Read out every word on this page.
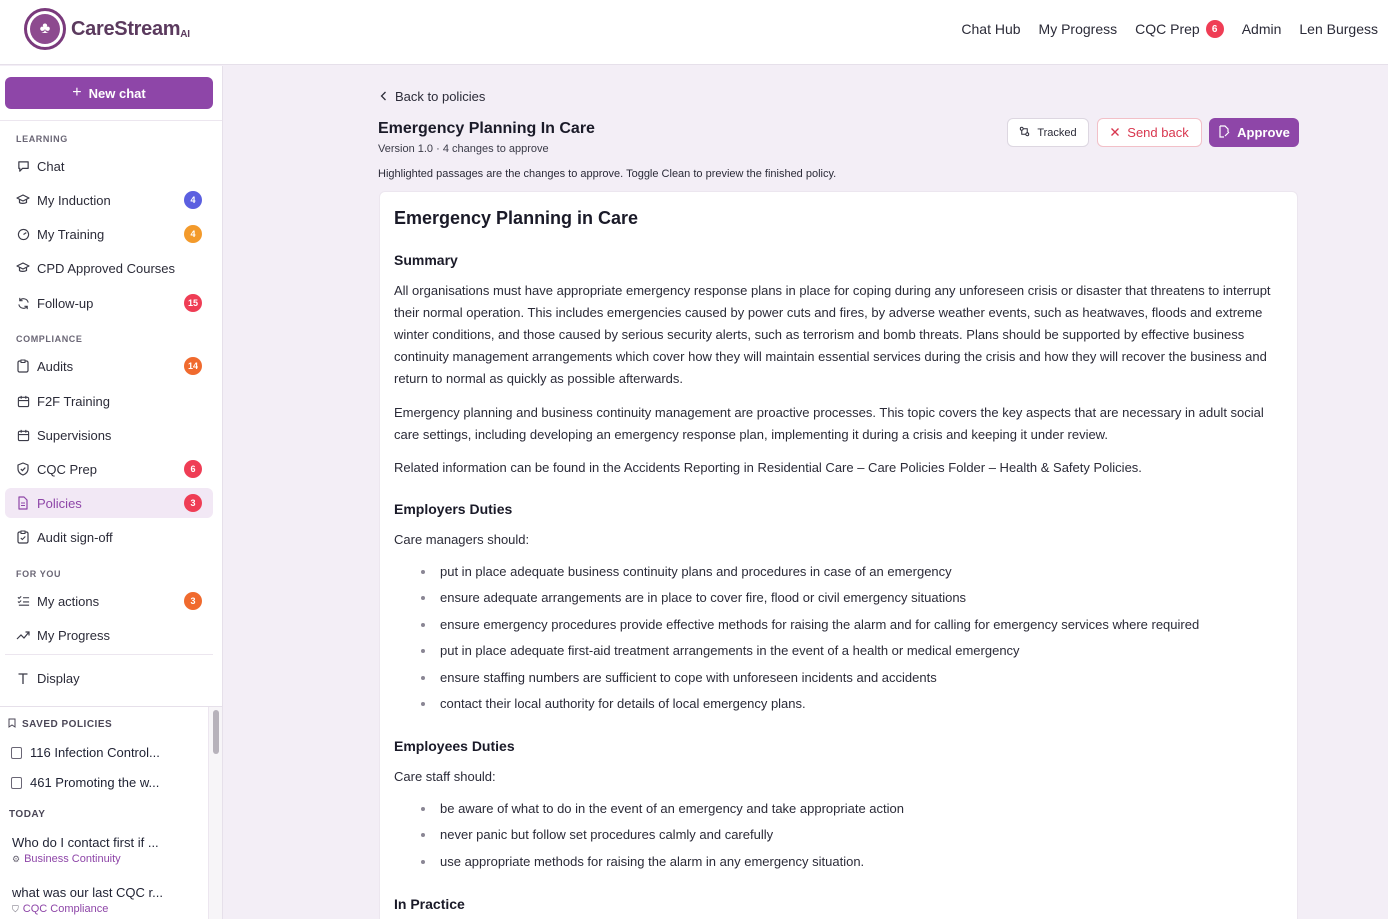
♣	CareStream$_{AI}$	Chat Hub My Progress CQC Prep	6	Admin Len Burgess
+ New chat
LEARNING
Chat
My Induction	4
My Training	4
CPD Approved Courses
Follow-up	15
COMPLIANCE
Audits	14
F2F Training
Supervisions
CQC Prep	6
Policies	3
Audit sign-off
FOR YOU
My actions	3
My Progress
Display
SAVED POLICIES
116 Infection Control...
461 Promoting the w...
TODAY
Who do I contact first if ...
⚙ Business Continuity
what was our last CQC r...
⛉ CQC Compliance
Back to policies
Emergency Planning In Care
Version 1.0 · 4 changes to approve
Highlighted passages are the changes to approve. Toggle Clean to preview the finished policy.
Tracked	Send back	Approve
Emergency Planning in Care
Summary
All organisations must have appropriate emergency response plans in place for coping during any unforeseen crisis or disaster that threatens to interrupt their normal operation. This includes emergencies caused by power cuts and fires, by adverse weather events, such as heatwaves, floods and extreme winter conditions, and those caused by serious security alerts, such as terrorism and bomb threats. Plans should be supported by effective business continuity management arrangements which cover how they will maintain essential services during the crisis and how they will recover the business and return to normal as quickly as possible afterwards.
Emergency planning and business continuity management are proactive processes. This topic covers the key aspects that are necessary in adult social care settings, including developing an emergency response plan, implementing it during a crisis and keeping it under review.
Related information can be found in the Accidents Reporting in Residential Care – Care Policies Folder – Health & Safety Policies.
Employers Duties
Care managers should:
put in place adequate business continuity plans and procedures in case of an emergency
ensure adequate arrangements are in place to cover fire, flood or civil emergency situations
ensure emergency procedures provide effective methods for raising the alarm and for calling for emergency services where required
put in place adequate first-aid treatment arrangements in the event of a health or medical emergency
ensure staffing numbers are sufficient to cope with unforeseen incidents and accidents
contact their local authority for details of local emergency plans.
Employees Duties
Care staff should:
be aware of what to do in the event of an emergency and take appropriate action
never panic but follow set procedures calmly and carefully
use appropriate methods for raising the alarm in any emergency situation.
In Practice
